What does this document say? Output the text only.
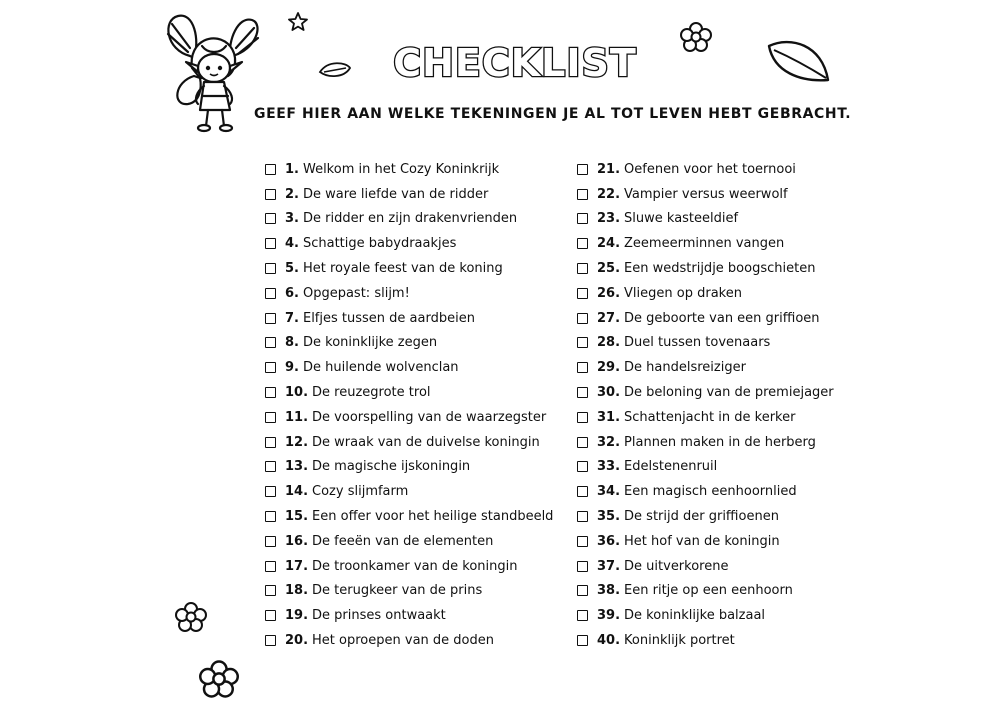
CHECKLIST

GEEF HIER AAN WELKE TEKENINGEN JE AL TOT LEVEN HEBT GEBRACHT.

1. Welkom in het Cozy Koninkrijk
2. De ware liefde van de ridder
3. De ridder en zijn drakenvrienden
4. Schattige babydraakjes
5. Het royale feest van de koning
6. Opgepast: slijm!
7. Elfjes tussen de aardbeien
8. De koninklijke zegen
9. De huilende wolvenclan
10. De reuzegrote trol
11. De voorspelling van de waarzegster
12. De wraak van de duivelse koningin
13. De magische ijskoningin
14. Cozy slijmfarm
15. Een offer voor het heilige standbeeld
16. De feeën van de elementen
17. De troonkamer van de koningin
18. De terugkeer van de prins
19. De prinses ontwaakt
20. Het oproepen van de doden
21. Oefenen voor het toernooi
22. Vampier versus weerwolf
23. Sluwe kasteeldief
24. Zeemeerminnen vangen
25. Een wedstrijdje boogschieten
26. Vliegen op draken
27. De geboorte van een griffioen
28. Duel tussen tovenaars
29. De handelsreiziger
30. De beloning van de premiejager
31. Schattenjacht in de kerker
32. Plannen maken in de herberg
33. Edelstenenruil
34. Een magisch eenhoornlied
35. De strijd der griffioenen
36. Het hof van de koningin
37. De uitverkorene
38. Een ritje op een eenhoorn
39. De koninklijke balzaal
40. Koninklijk portret
